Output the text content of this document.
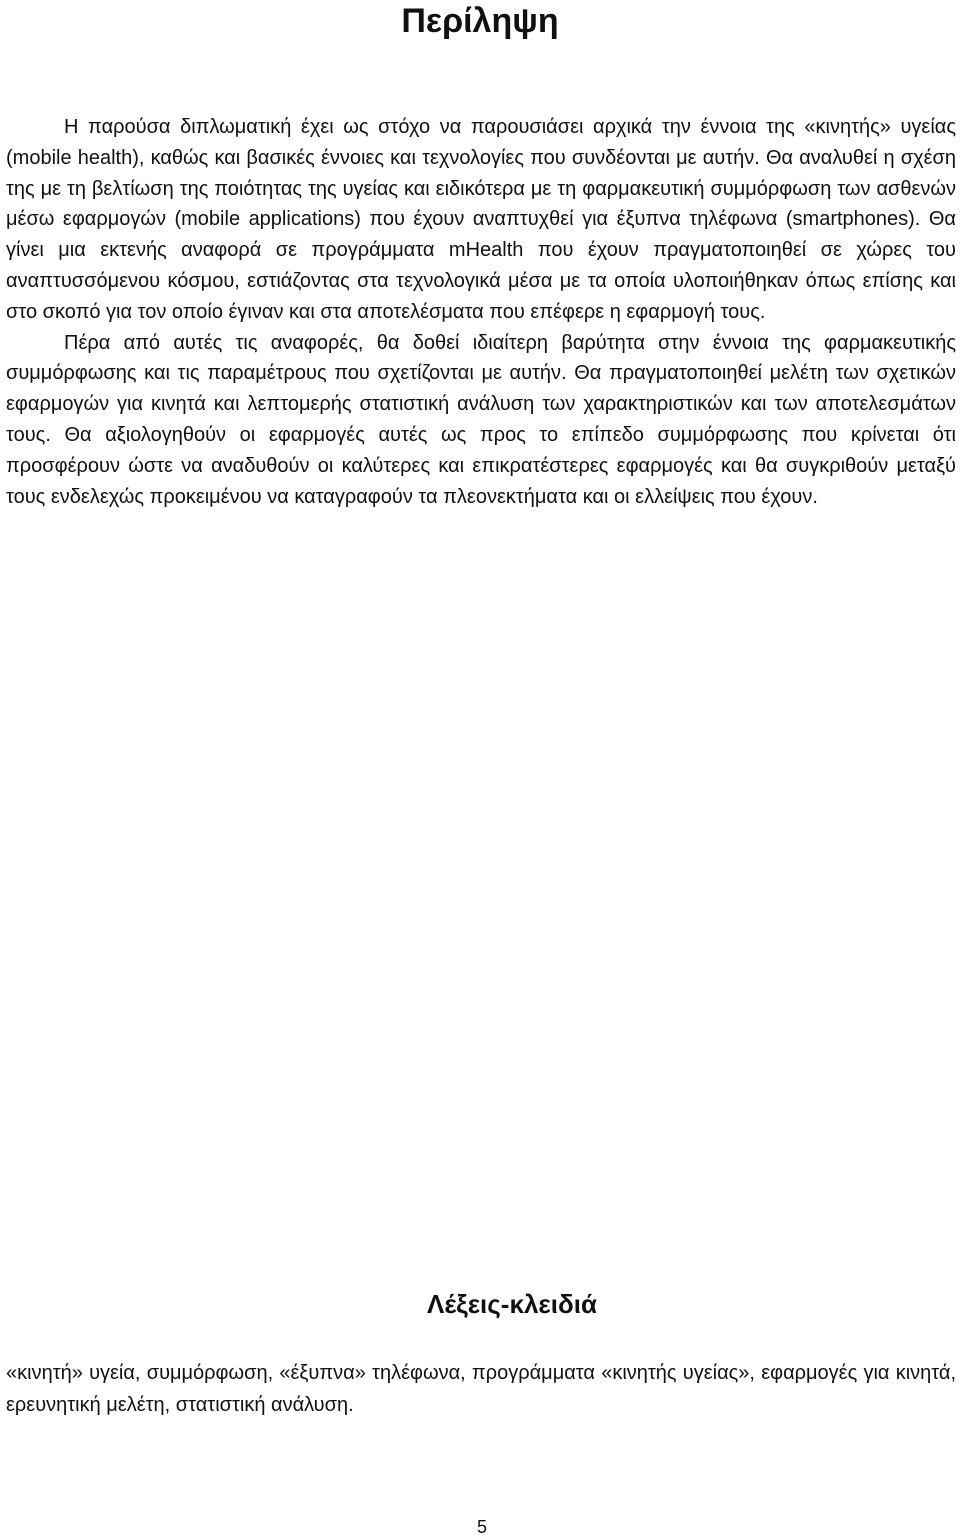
Περίληψη

Η παρούσα διπλωματική έχει ως στόχο να παρουσιάσει αρχικά την έννοια της «κινητής» υγείας (mobile health), καθώς και βασικές έννοιες και τεχνολογίες που συνδέονται με αυτήν. Θα αναλυθεί η σχέση της με τη βελτίωση της ποιότητας της υγείας και ειδικότερα με τη φαρμακευτική συμμόρφωση των ασθενών μέσω εφαρμογών (mobile applications) που έχουν αναπτυχθεί για έξυπνα τηλέφωνα (smartphones). Θα γίνει μια εκτενής αναφορά σε προγράμματα mHealth που έχουν πραγματοποιηθεί σε χώρες του αναπτυσσόμενου κόσμου, εστιάζοντας στα τεχνολογικά μέσα με τα οποία υλοποιήθηκαν όπως επίσης και στο σκοπό για τον οποίο έγιναν και στα αποτελέσματα που επέφερε η εφαρμογή τους.

Πέρα από αυτές τις αναφορές, θα δοθεί ιδιαίτερη βαρύτητα στην έννοια της φαρμακευτικής συμμόρφωσης και τις παραμέτρους που σχετίζονται με αυτήν. Θα πραγματοποιηθεί μελέτη των σχετικών εφαρμογών για κινητά και λεπτομερής στατιστική ανάλυση των χαρακτηριστικών και των αποτελεσμάτων τους. Θα αξιολογηθούν οι εφαρμογές αυτές ως προς το επίπεδο συμμόρφωσης που κρίνεται ότι προσφέρουν ώστε να αναδυθούν οι καλύτερες και επικρατέστερες εφαρμογές και θα συγκριθούν μεταξύ τους ενδελεχώς προκειμένου να καταγραφούν τα πλεονεκτήματα και οι ελλείψεις που έχουν.

Λέξεις-κλειδιά

«κινητή» υγεία, συμμόρφωση, «έξυπνα» τηλέφωνα, προγράμματα «κινητής υγείας», εφαρμογές για κινητά, ερευνητική μελέτη, στατιστική ανάλυση.

5
